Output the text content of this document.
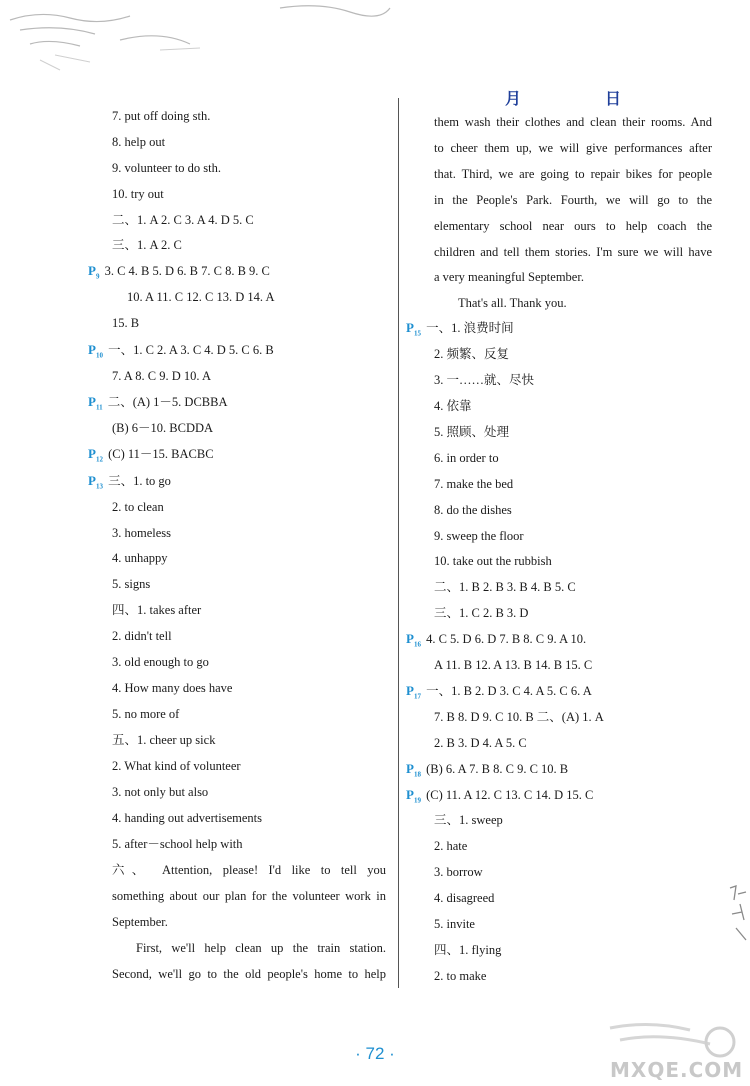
月	日
7. put off doing sth.
8. help out
9. volunteer to do sth.
10. try out
二、1. A 2. C 3. A 4. D 5. C
三、1. A 2. C
$P_9$ 3. C 4. B 5. D 6. B 7. C 8. B 9. C
10. A 11. C 12. C 13. D 14. A
15. B
$P_{10}$ 一、1. C 2. A 3. C 4. D 5. C 6. B
7. A 8. C 9. D 10. A
$P_{11}$ 二、(A) 1－5. DCBBA
(B) 6－10. BCDDA
$P_{12}$ (C) 11－15. BACBC
$P_{13}$ 三、1. to go
2. to clean
3. homeless
4. unhappy
5. signs
四、1. takes after
2. didn't tell
3. old enough to go
4. How many does have
5. no more of
五、1. cheer up sick
2. What kind of volunteer
3. not only but also
4. handing out advertisements
5. after－school help with
六、 Attention, please! I'd like to tell you
something about our plan for the volunteer work in
September.
First, we'll help clean up the train station.
Second, we'll go to the old people's home to help
them wash their clothes and clean their rooms. And
to cheer them up, we will give performances after
that. Third, we are going to repair bikes for people
in the People's Park. Fourth, we will go to the
elementary school near ours to help coach the
children and tell them stories. I'm sure we will have
a very meaningful September.
That's all. Thank you.
$P_{15}$ 一、1. 浪费时间
2. 频繁、反复
3. 一……就、尽快
4. 依靠
5. 照顾、处理
6. in order to
7. make the bed
8. do the dishes
9. sweep the floor
10. take out the rubbish
二、1. B 2. B 3. B 4. B 5. C
三、1. C 2. B 3. D
$P_{16}$ 4. C 5. D 6. D 7. B 8. C 9. A 10.
A 11. B 12. A 13. B 14. B 15. C
$P_{17}$ 一、1. B 2. D 3. C 4. A 5. C 6. A
7. B 8. D 9. C 10. B 二、(A) 1. A
2. B 3. D 4. A 5. C
$P_{18}$ (B) 6. A 7. B 8. C 9. C 10. B
$P_{19}$ (C) 11. A 12. C 13. C 14. D 15. C
三、1. sweep
2. hate
3. borrow
4. disagreed
5. invite
四、1. flying
2. to make
· 72 ·
MXQE.COM
